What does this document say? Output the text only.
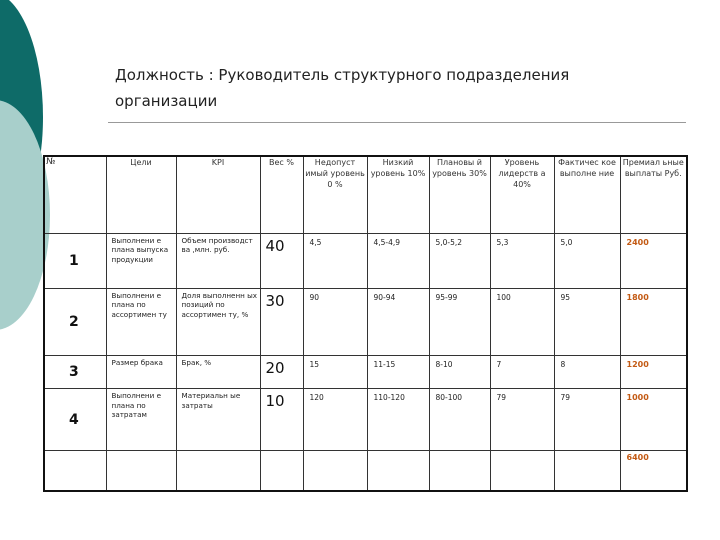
Должность : Руководитель структурного подразделения
организации
№	Цели	KPI	Вес %	Недопуст имый уровень 0 %	Низкий уровень 10%	Плановы й уровень 30%	Уровень лидерств а 40%	Фактичес кое выполне ние	Премиал ьные выплаты Руб.
1	Выполнени е плана выпуска продукции	Объем производст ва ,млн. руб.	40	4,5	4,5-4,9	5,0-5,2	5,3	5,0	2400
2	Выполнени е плана по ассортимен ту	Доля выполненн ых позиций по ассортимен ту, %	30	90	90-94	95-99	100	95	1800
3	Размер брака	Брак, %	20	15	11-15	8-10	7	8	1200
4	Выполнени е плана по затратам	Материальн ые затраты	10	120	110-120	80-100	79	79	1000
									6400
